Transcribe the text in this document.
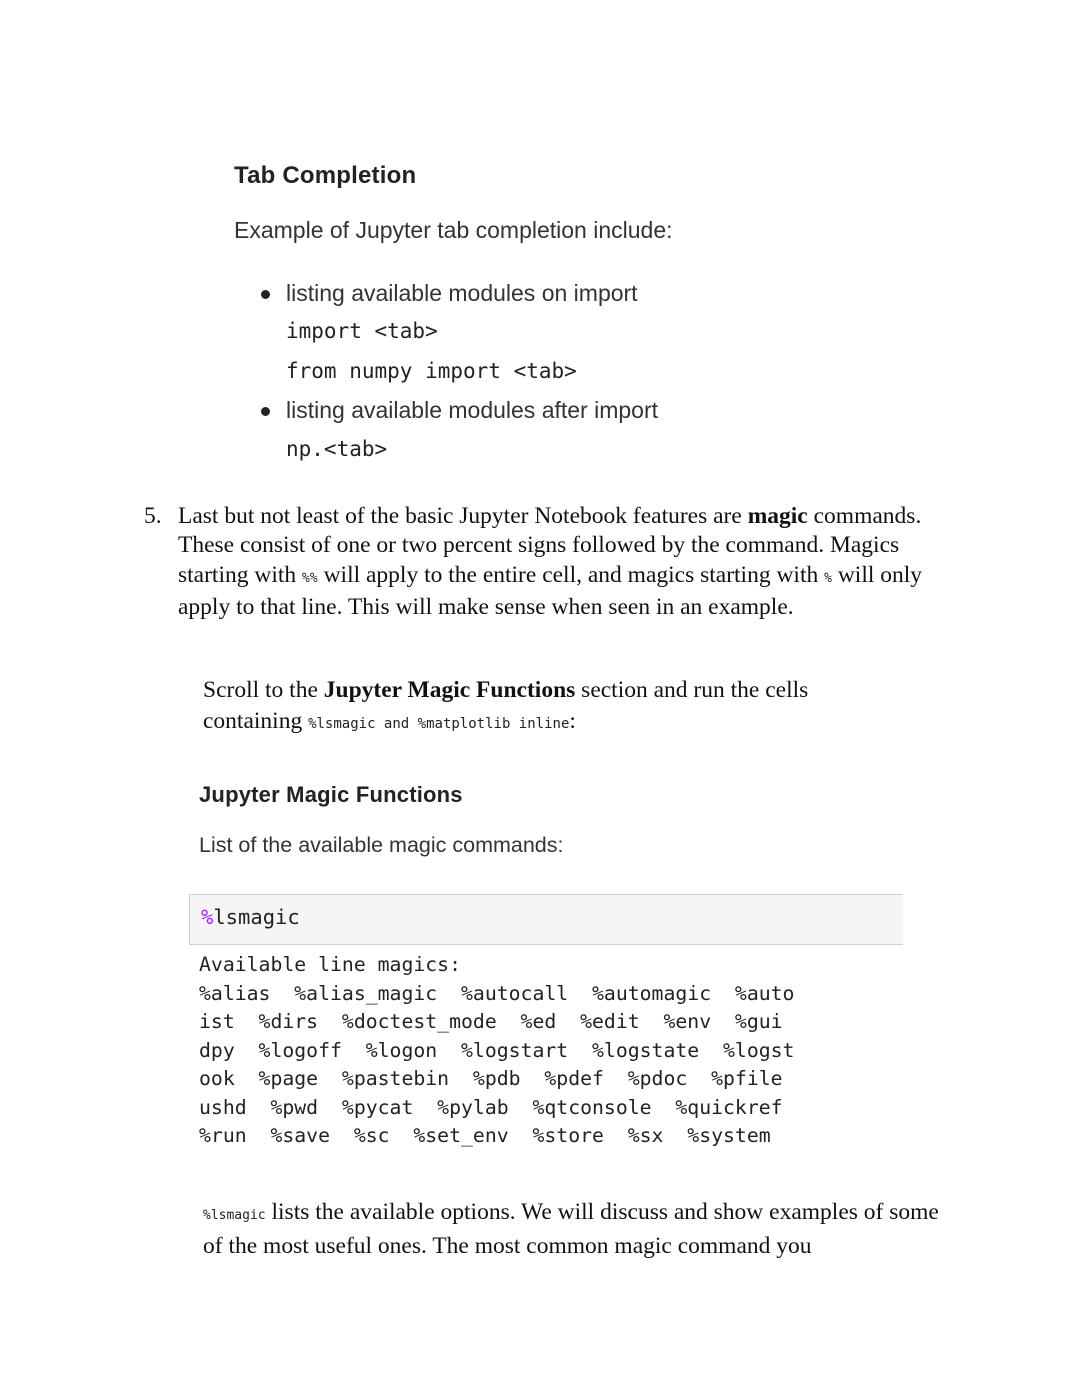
Tab Completion
Example of Jupyter tab completion include:
listing available modules on import
import <tab>
from numpy import <tab>
listing available modules after import
np.<tab>
5. Last but not least of the basic Jupyter Notebook features are magic commands. These consist of one or two percent signs followed by the command. Magics starting with %% will apply to the entire cell, and magics starting with % will only apply to that line. This will make sense when seen in an example.
Scroll to the Jupyter Magic Functions section and run the cells containing %lsmagic and %matplotlib inline:
Jupyter Magic Functions
List of the available magic commands:
%lsmagic
Available line magics:
%alias  %alias_magic  %autocall  %automagic  %auto
ist  %dirs  %doctest_mode  %ed  %edit  %env  %gui
dpy  %logoff  %logon  %logstart  %logstate  %logst
ook  %page  %pastebin  %pdb  %pdef  %pdoc  %pfile
ushd  %pwd  %pycat  %pylab  %qtconsole  %quickref
%run  %save  %sc  %set_env  %store  %sx  %system
%lsmagic lists the available options. We will discuss and show examples of some of the most useful ones. The most common magic command you
